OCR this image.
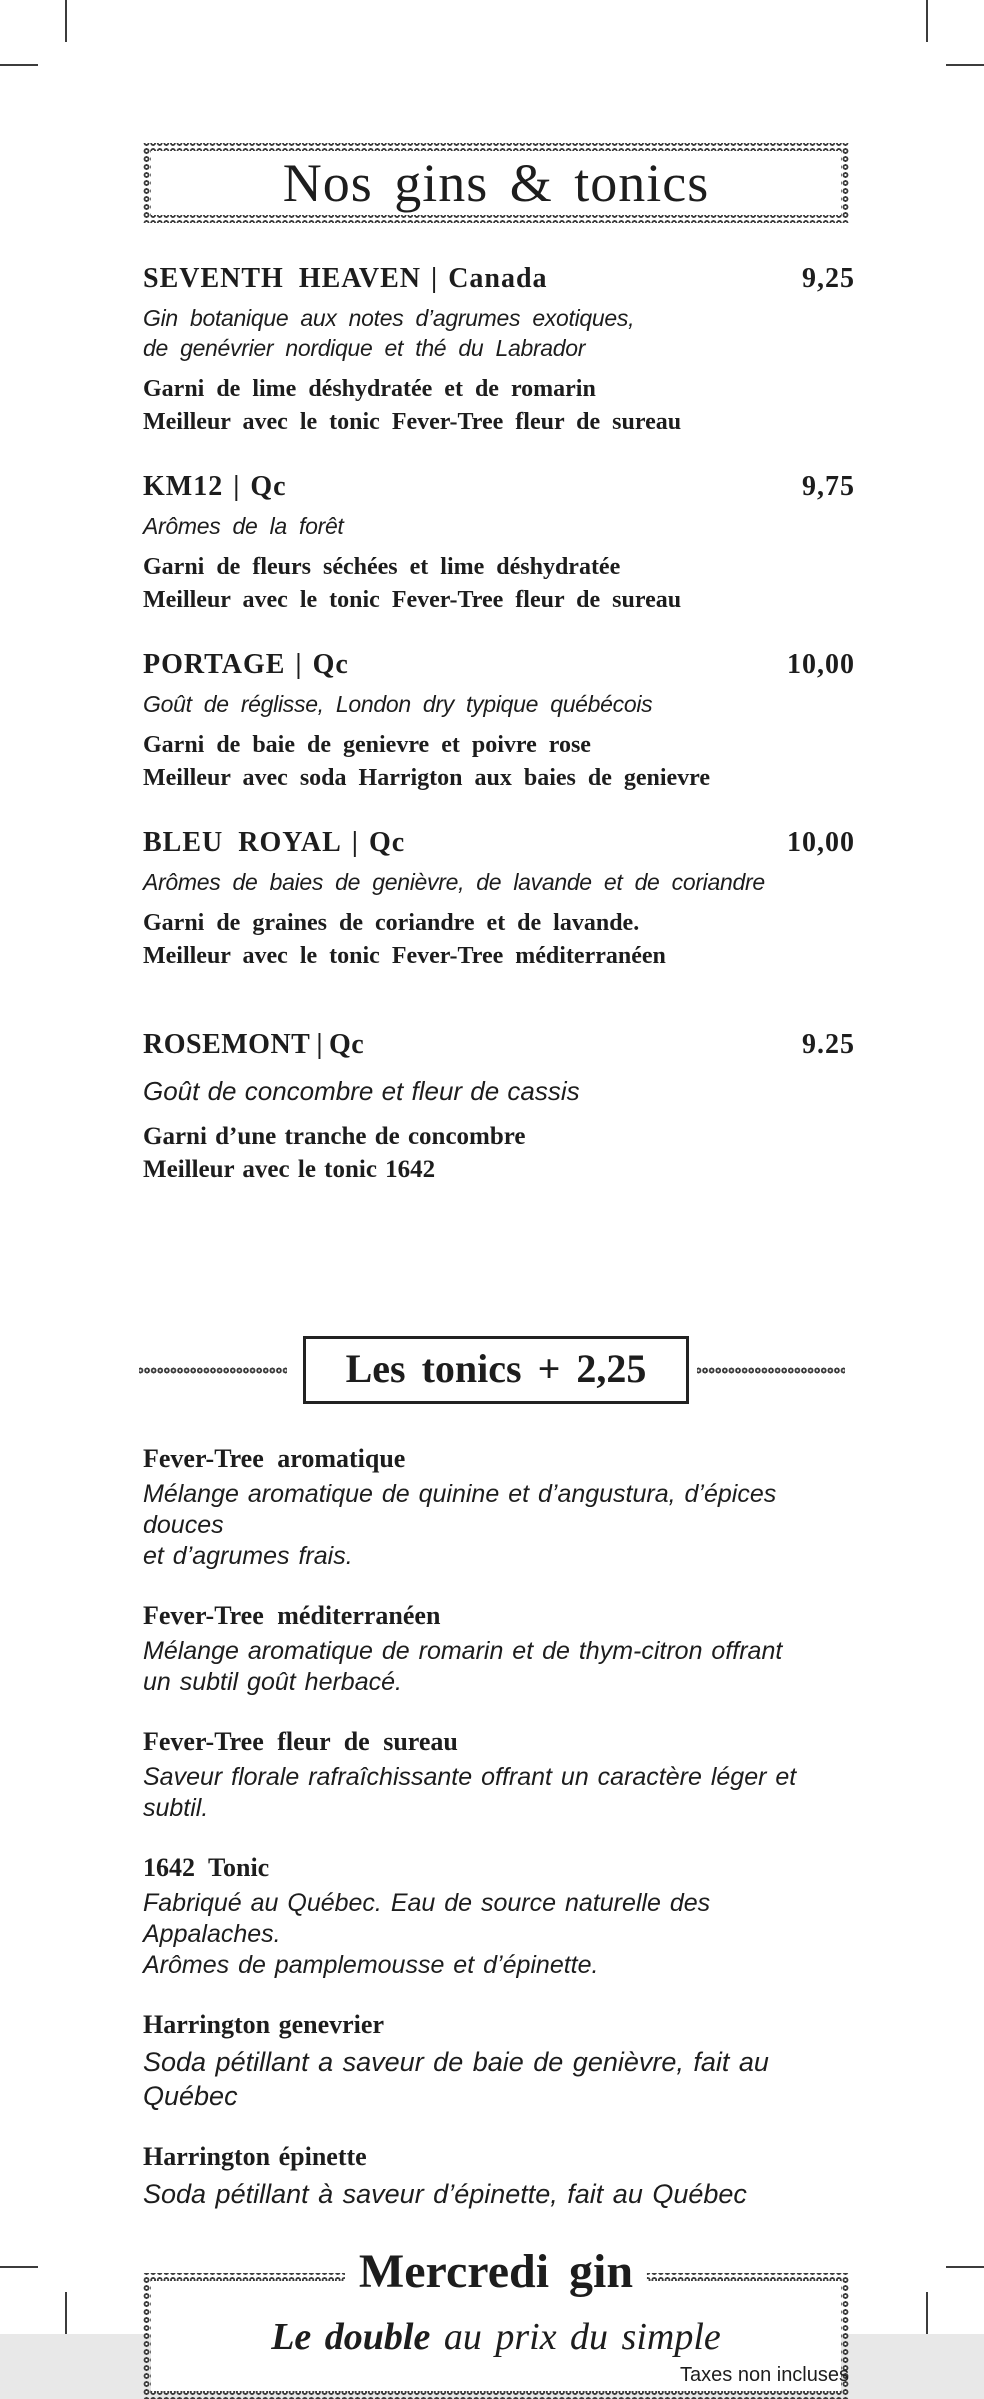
Nos gins & tonics
SEVENTH HEAVEN | Canada	9,25
Gin botanique aux notes d’agrumes exotiques,
de genévrier nordique et thé du Labrador
Garni de lime déshydratée et de romarin
Meilleur avec le tonic Fever-Tree fleur de sureau
KM12 | Qc	9,75
Arômes de la forêt
Garni de fleurs séchées et lime déshydratée
Meilleur avec le tonic Fever-Tree fleur de sureau
PORTAGE | Qc	10,00
Goût de réglisse, London dry typique québécois
Garni de baie de genievre et poivre rose
Meilleur avec soda Harrigton aux baies de genievre
BLEU ROYAL | Qc	10,00
Arômes de baies de genièvre, de lavande et de coriandre
Garni de graines de coriandre et de lavande.
Meilleur avec le tonic Fever-Tree méditerranéen
ROSEMONT | Qc	9.25
Goût de concombre et fleur de cassis
Garni d’une tranche de concombre
Meilleur avec le tonic 1642
Les tonics + 2,25
Fever-Tree aromatique
Mélange aromatique de quinine et d’angustura, d’épices douces
et d’agrumes frais.
Fever-Tree méditerranéen
Mélange aromatique de romarin et de thym-citron offrant
un subtil goût herbacé.
Fever-Tree fleur de sureau
Saveur florale rafraîchissante offrant un caractère léger et subtil.
1642 Tonic
Fabriqué au Québec. Eau de source naturelle des Appalaches.
Arômes de pamplemousse et d’épinette.
Harrington genevrier
Soda pétillant a saveur de baie de genièvre, fait au Québec
Harrington épinette
Soda pétillant à saveur d’épinette, fait au Québec
Mercredi gin
Le double au prix du simple
Taxes non incluses
